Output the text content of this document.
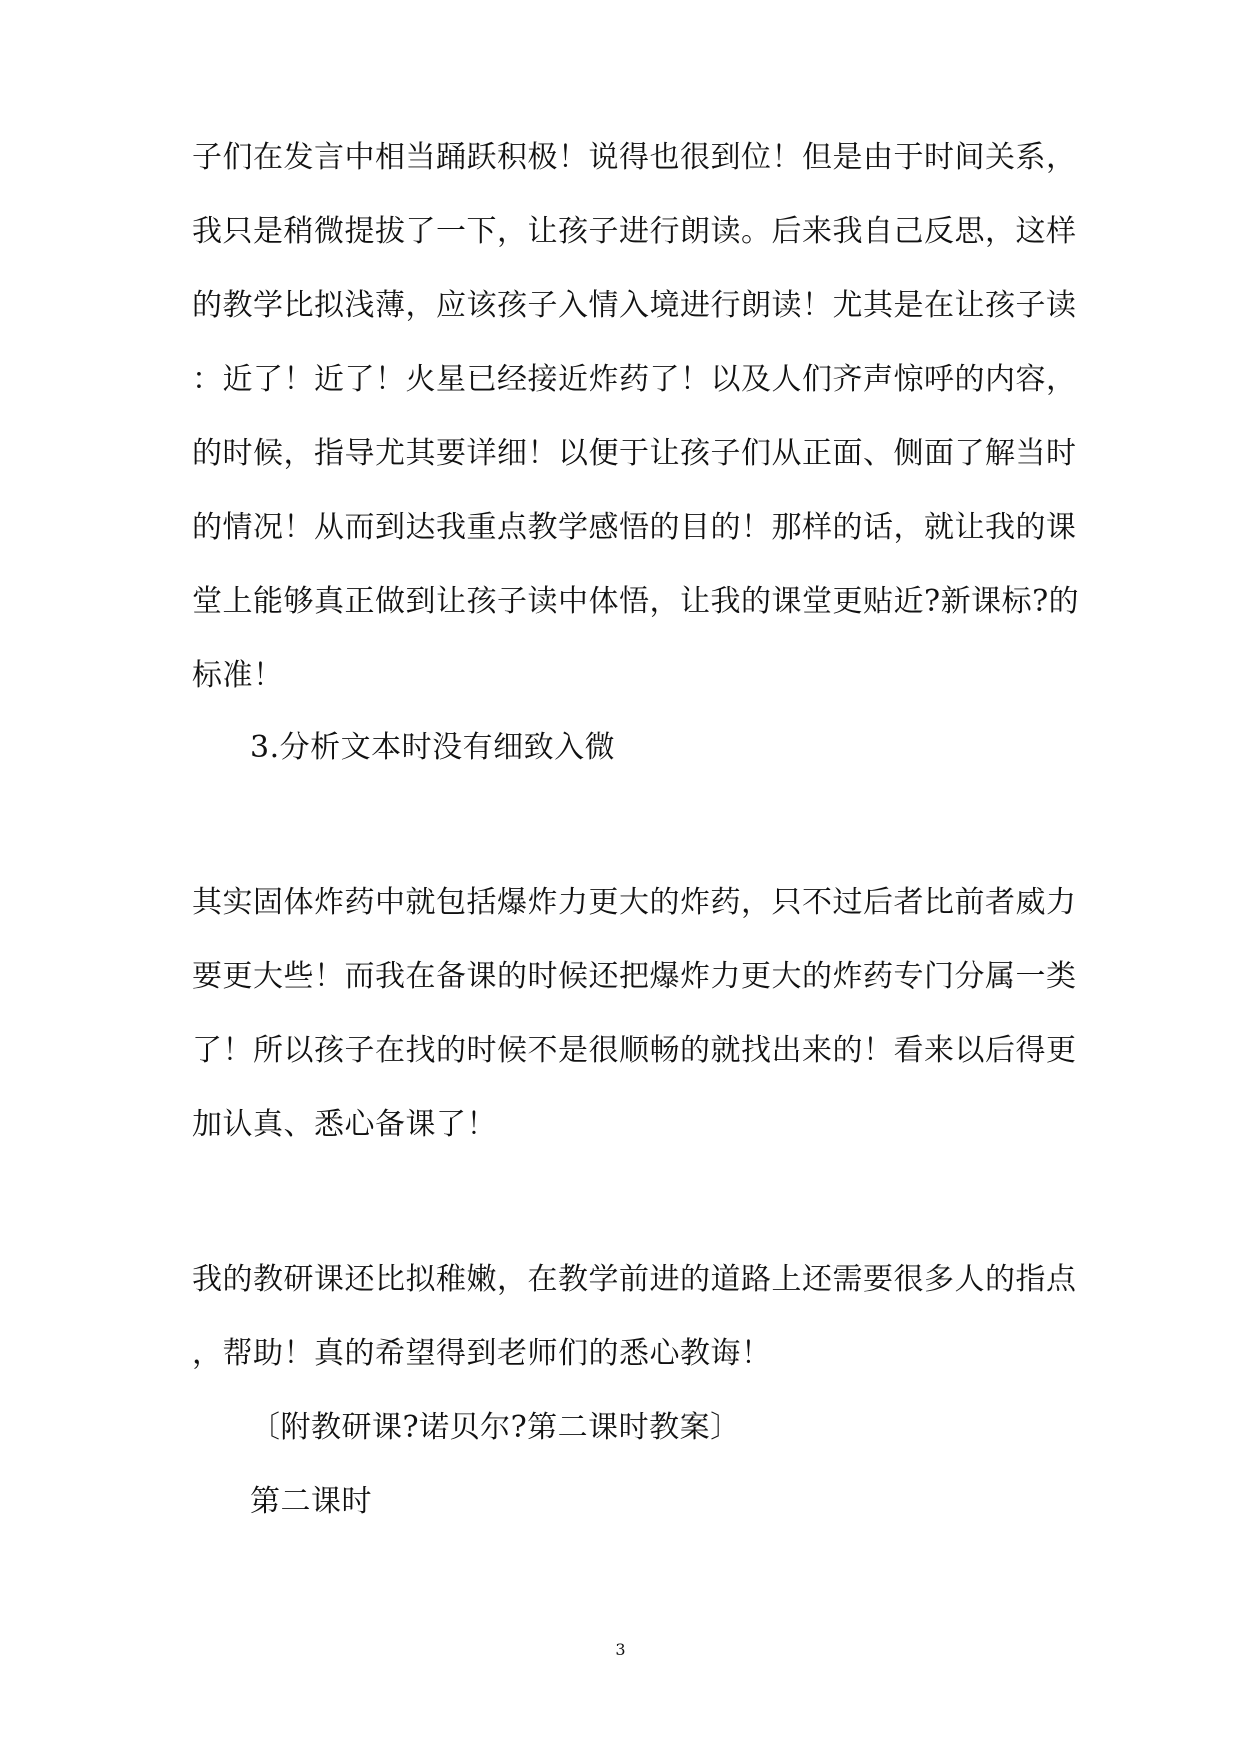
子们在发言中相当踊跃积极！说得也很到位！但是由于时间关系，
我只是稍微提拔了一下，让孩子进行朗读。后来我自己反思，这样
的教学比拟浅薄，应该孩子入情入境进行朗读！尤其是在让孩子读
：近了！近了！火星已经接近炸药了！以及人们齐声惊呼的内容，
的时候，指导尤其要详细！以便于让孩子们从正面、侧面了解当时
的情况！从而到达我重点教学感悟的目的！那样的话，就让我的课
堂上能够真正做到让孩子读中体悟，让我的课堂更贴近?新课标?的
标准！
3.分析文本时没有细致入微
其实固体炸药中就包括爆炸力更大的炸药，只不过后者比前者威力
要更大些！而我在备课的时候还把爆炸力更大的炸药专门分属一类
了！所以孩子在找的时候不是很顺畅的就找出来的！看来以后得更
加认真、悉心备课了！
我的教研课还比拟稚嫩，在教学前进的道路上还需要很多人的指点
，帮助！真的希望得到老师们的悉心教诲！
〔附教研课?诺贝尔?第二课时教案〕
第二课时
3
